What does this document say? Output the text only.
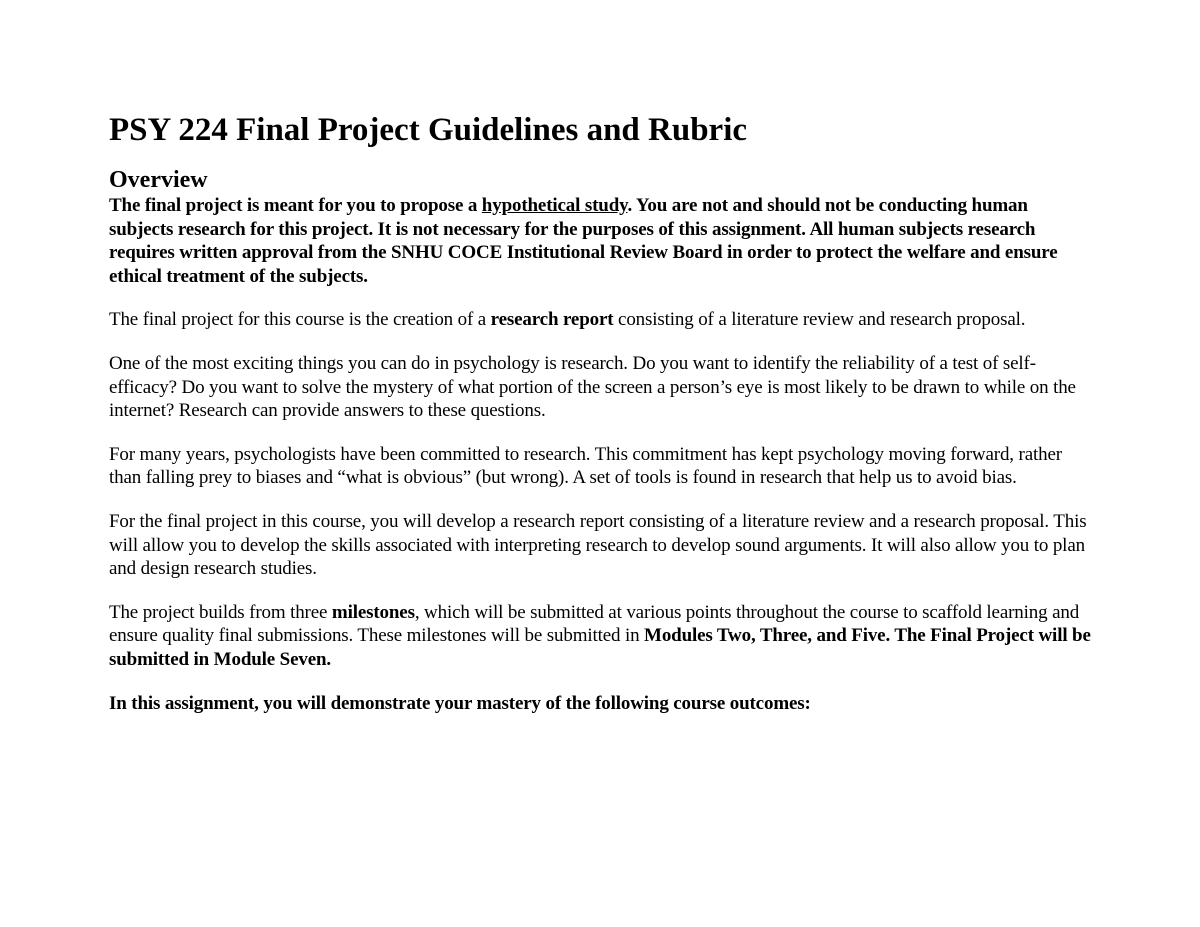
PSY 224 Final Project Guidelines and Rubric
Overview

The final project is meant for you to propose a hypothetical study. You are not and should not be conducting human subjects research for this project. It is not necessary for the purposes of this assignment. All human subjects research requires written approval from the SNHU COCE Institutional Review Board in order to protect the welfare and ensure ethical treatment of the subjects.

The final project for this course is the creation of a research report consisting of a literature review and research proposal.

One of the most exciting things you can do in psychology is research. Do you want to identify the reliability of a test of self-efficacy? Do you want to solve the mystery of what portion of the screen a person’s eye is most likely to be drawn to while on the internet? Research can provide answers to these questions.

For many years, psychologists have been committed to research. This commitment has kept psychology moving forward, rather than falling prey to biases and “what is obvious” (but wrong). A set of tools is found in research that help us to avoid bias.

For the final project in this course, you will develop a research report consisting of a literature review and a research proposal. This will allow you to develop the skills associated with interpreting research to develop sound arguments. It will also allow you to plan and design research studies.

The project builds from three milestones, which will be submitted at various points throughout the course to scaffold learning and ensure quality final submissions. These milestones will be submitted in Modules Two, Three, and Five. The Final Project will be submitted in Module Seven.

In this assignment, you will demonstrate your mastery of the following course outcomes:
